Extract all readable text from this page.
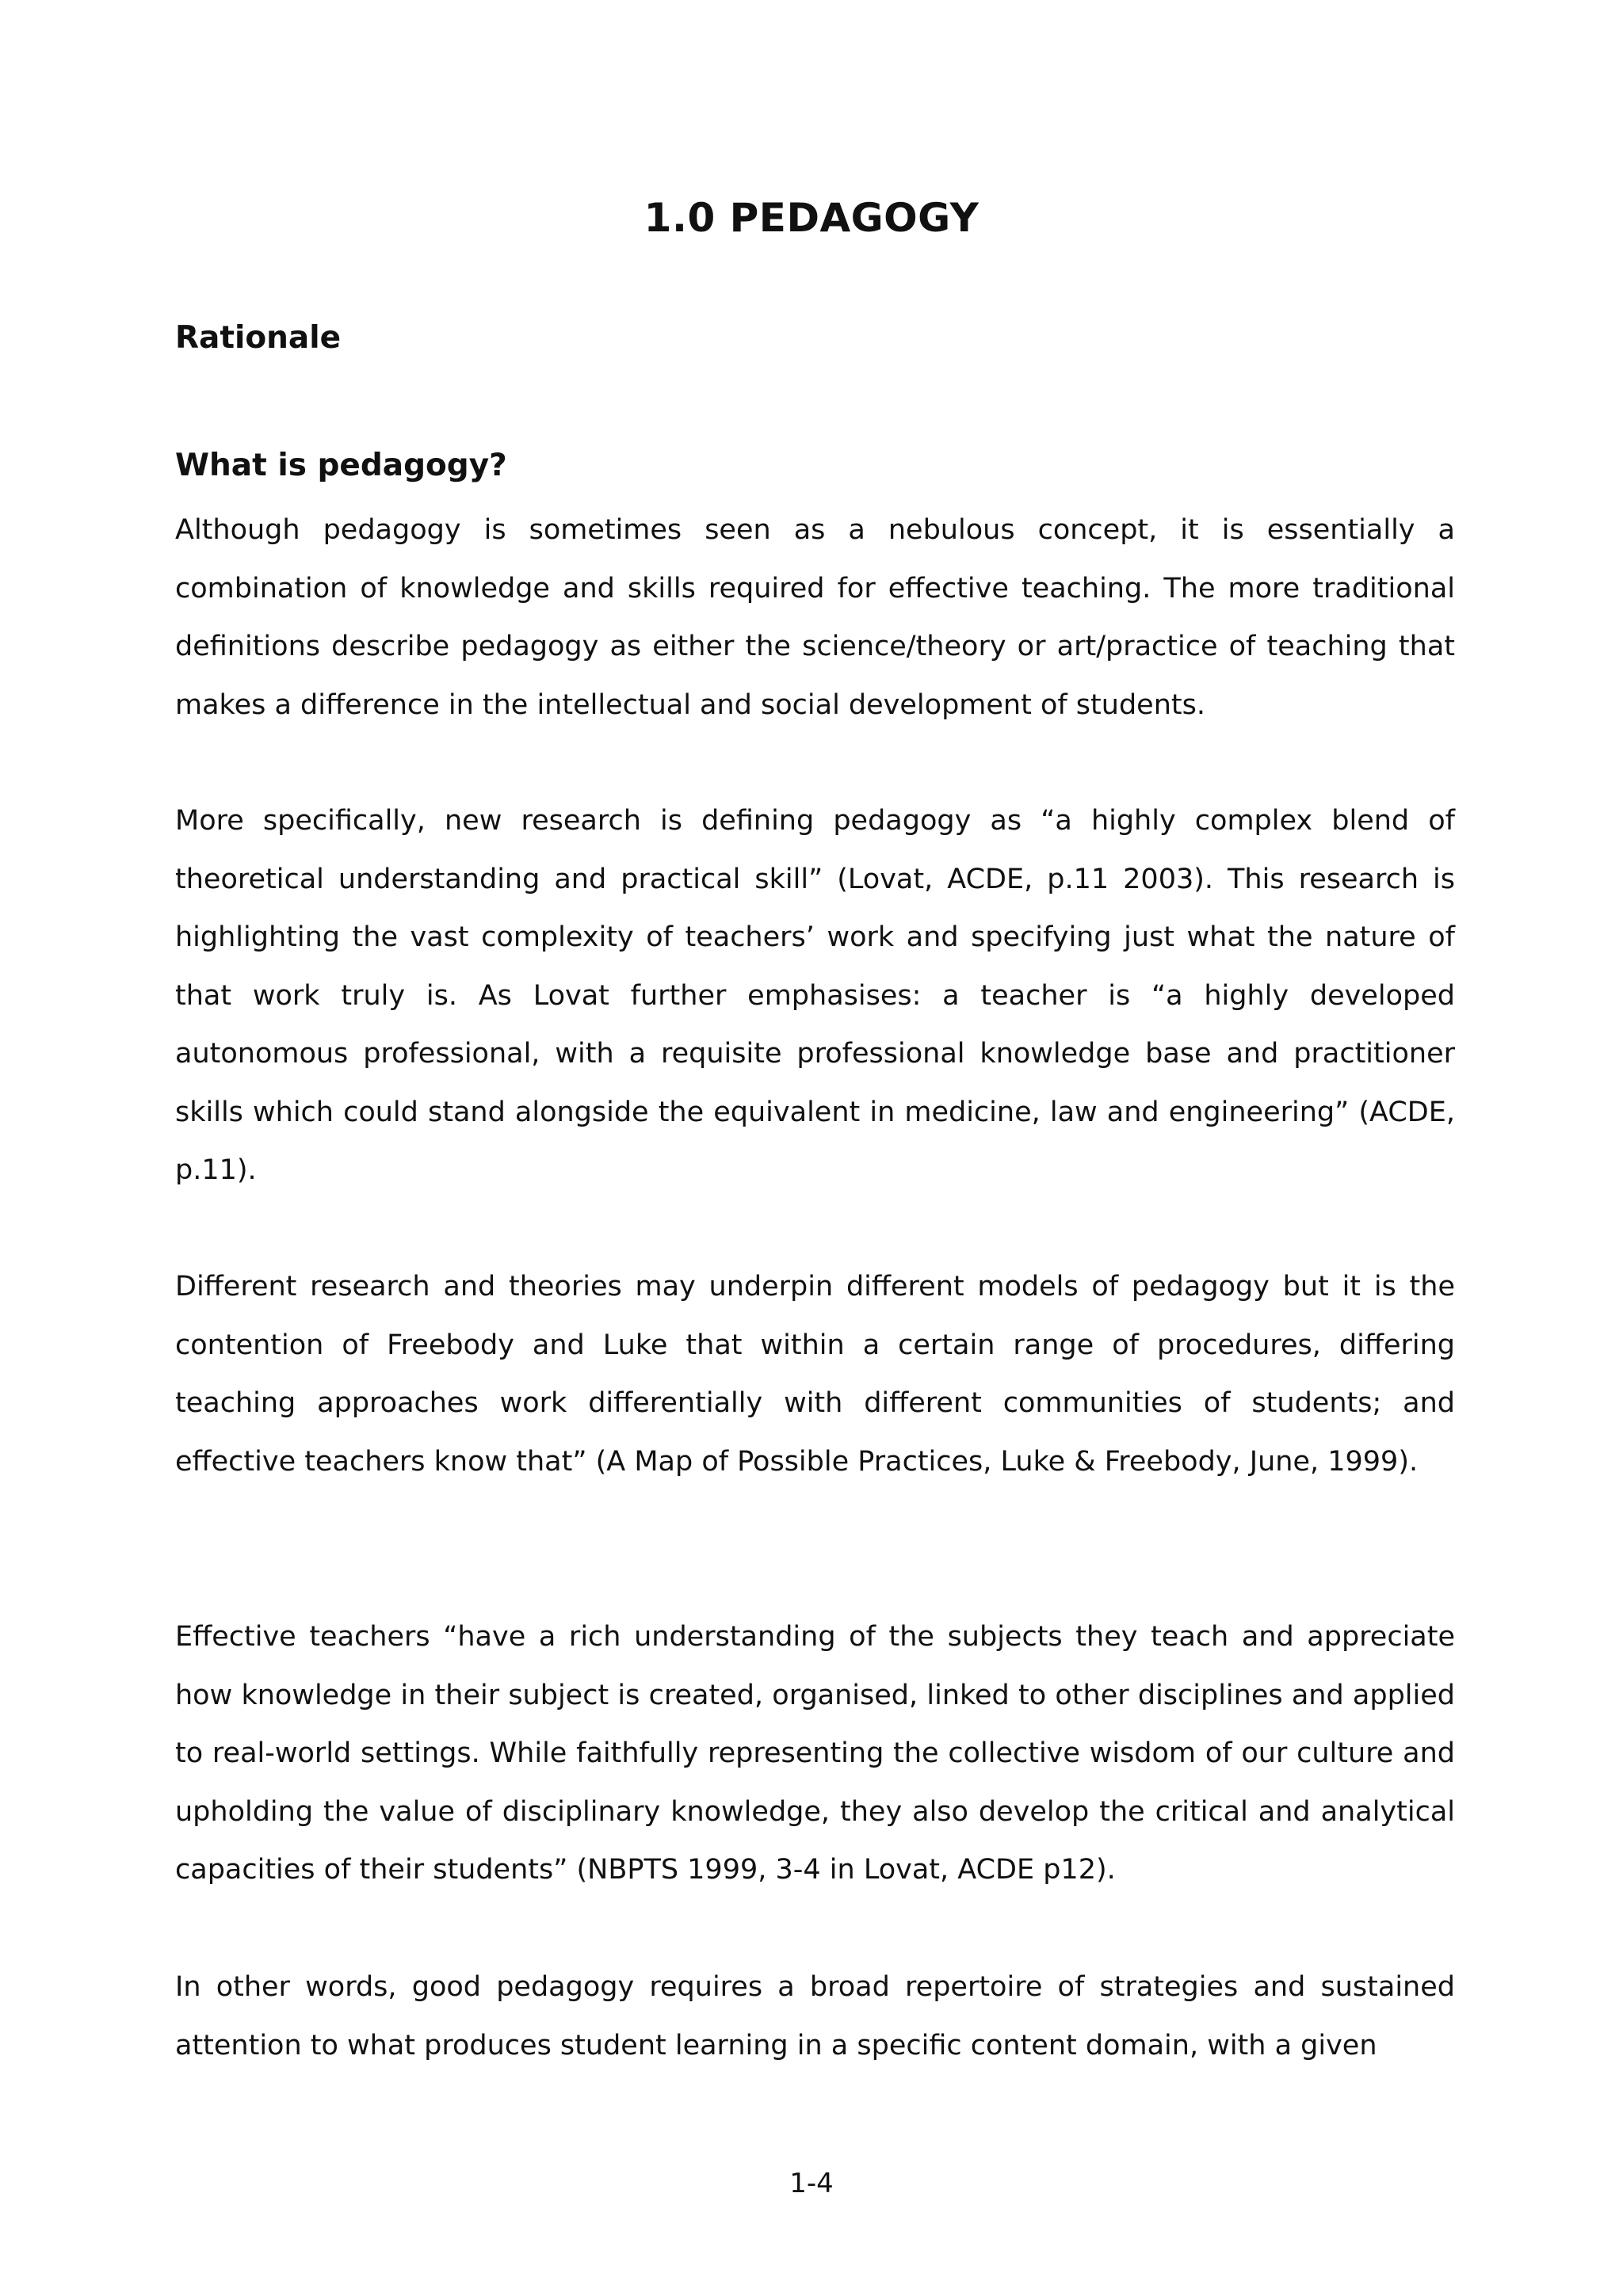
1.0 PEDAGOGY
Rationale
What is pedagogy?

Although pedagogy is sometimes seen as a nebulous concept, it is essentially a combination of knowledge and skills required for effective teaching. The more traditional definitions describe pedagogy as either the science/theory or art/practice of teaching that makes a difference in the intellectual and social development of students.

More specifically, new research is defining pedagogy as “a highly complex blend of theoretical understanding and practical skill” (Lovat, ACDE, p.11 2003). This research is highlighting the vast complexity of teachers’ work and specifying just what the nature of that work truly is. As Lovat further emphasises: a teacher is “a highly developed autonomous professional, with a requisite professional knowledge base and practitioner skills which could stand alongside the equivalent in medicine, law and engineering” (ACDE, p.11).

Different research and theories may underpin different models of pedagogy but it is the contention of Freebody and Luke that within a certain range of procedures, differing teaching approaches work differentially with different communities of students; and effective teachers know that” (A Map of Possible Practices, Luke & Freebody, June, 1999).

Effective teachers “have a rich understanding of the subjects they teach and appreciate how knowledge in their subject is created, organised, linked to other disciplines and applied to real-world settings. While faithfully representing the collective wisdom of our culture and upholding the value of disciplinary knowledge, they also develop the critical and analytical capacities of their students” (NBPTS 1999, 3-4 in Lovat, ACDE p12).

In other words, good pedagogy requires a broad repertoire of strategies and sustained attention to what produces student learning in a specific content domain, with a given

1-4
